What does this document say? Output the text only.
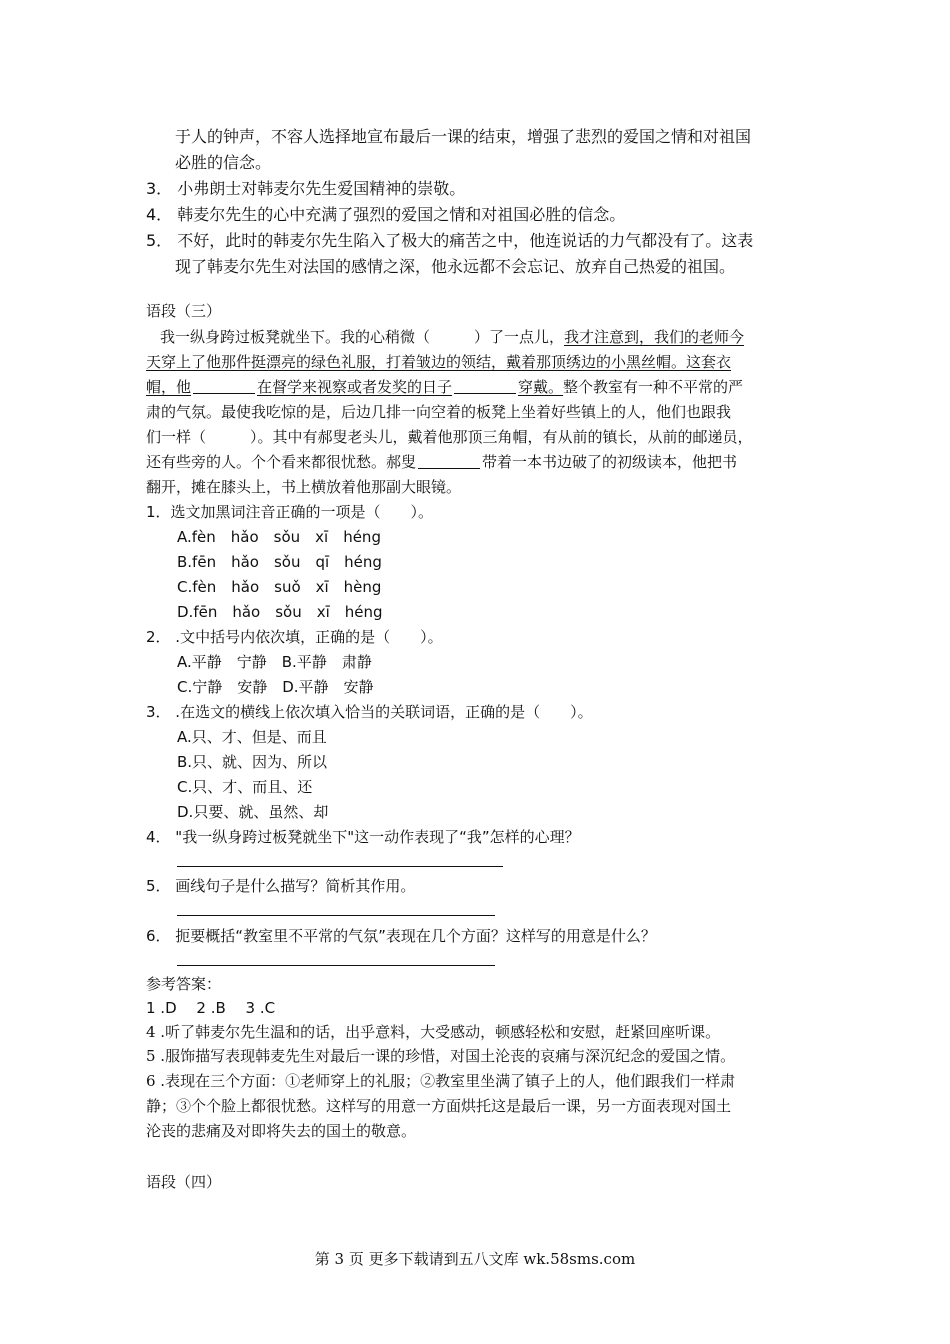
于人的钟声，不容人选择地宣布最后一课的结束，增强了悲烈的爱国之情和对祖国
必胜的信念。
3． 小弗朗士对韩麦尔先生爱国精神的崇敬。
4． 韩麦尔先生的心中充满了强烈的爱国之情和对祖国必胜的信念。
5． 不好，此时的韩麦尔先生陷入了极大的痛苦之中，他连说话的力气都没有了。这表
现了韩麦尔先生对法国的感情之深，他永远都不会忘记、放弃自己热爱的祖国。
语段（三）
我一纵身跨过板凳就坐下。我的心稍微（	）了一点儿，我才注意到，我们的老师今
天穿上了他那件挺漂亮的绿色礼服，打着皱边的领结，戴着那顶绣边的小黑丝帽。这套衣
帽，他	在督学来视察或者发奖的日子	穿戴。整个教室有一种不平常的严
肃的气氛。最使我吃惊的是，后边几排一向空着的板凳上坐着好些镇上的人，他们也跟我
们一样（	）。其中有郝叟老头儿，戴着他那顶三角帽，有从前的镇长，从前的邮递员，
还有些旁的人。个个看来都很忧愁。郝叟	带着一本书边破了的初级读本，他把书
翻开，摊在膝头上，书上横放着他那副大眼镜。
1．选文加黑词注音正确的一项是（　　）。
A.fèn　hǎo　sǒu　xī　héng
B.fēn　hǎo　sǒu　qī　héng
C.fèn　hǎo　suǒ　xī　hèng
D.fēn　hǎo　sǒu　xī　héng
2． .文中括号内依次填，正确的是（　　）。
A.平静　宁静　B.平静　肃静
C.宁静　安静　D.平静　安静
3． .在选文的横线上依次填入恰当的关联词语，正确的是（　　）。
A.只、才、但是、而且
B.只、就、因为、所以
C.只、才、而且、还
D.只要、就、虽然、却
4． "我一纵身跨过板凳就坐下"这一动作表现了“我”怎样的心理？
5． 画线句子是什么描写？简析其作用。
6． 扼要概括“教室里不平常的气氛”表现在几个方面？这样写的用意是什么？
参考答案：
1 .D　 2 .B　 3 .C
4 .听了韩麦尔先生温和的话，出乎意料，大受感动，顿感轻松和安慰，赶紧回座听课。
5 .服饰描写表现韩麦先生对最后一课的珍惜，对国土沦丧的哀痛与深沉纪念的爱国之情。
6 .表现在三个方面：①老师穿上的礼服；②教室里坐满了镇子上的人，他们跟我们一样肃
静；③个个脸上都很忧愁。这样写的用意一方面烘托这是最后一课，另一方面表现对国土
沦丧的悲痛及对即将失去的国土的敬意。
语段（四）
第 3 页 更多下载请到五八文库 wk.58sms.com
